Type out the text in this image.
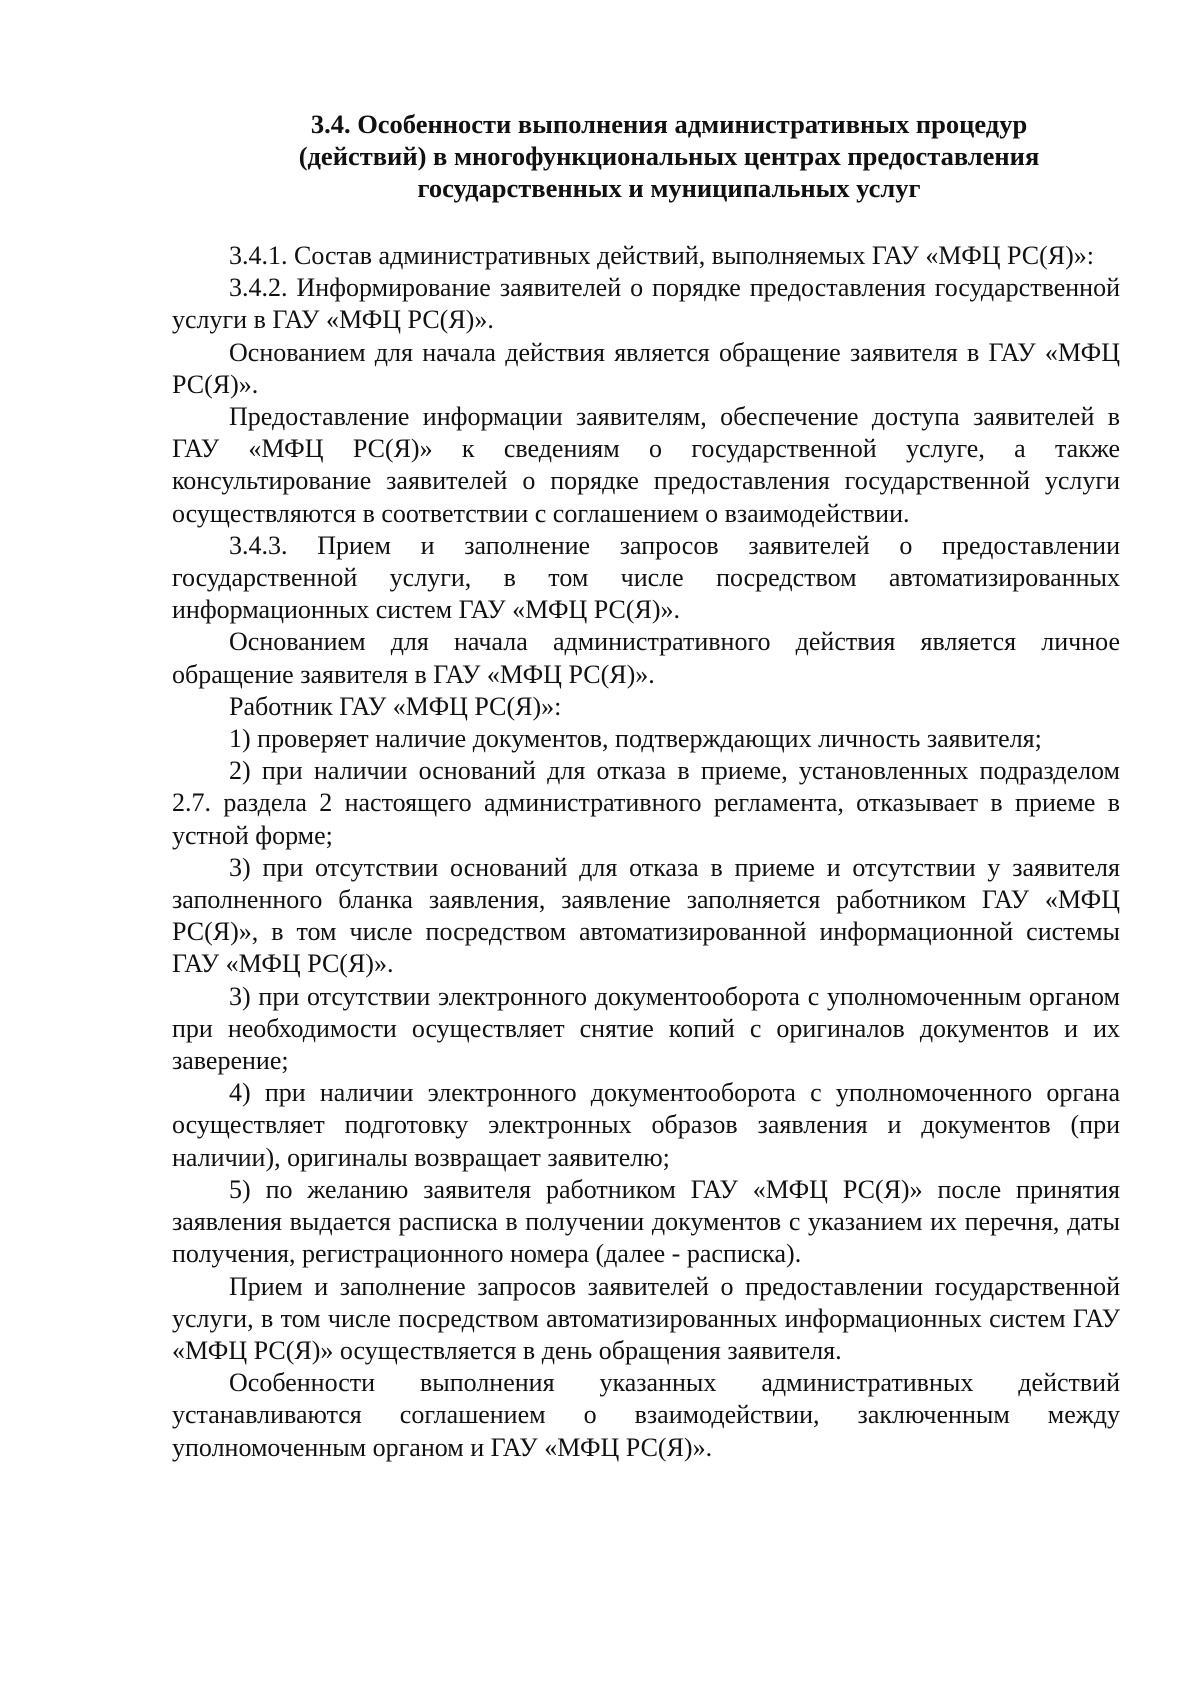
3.4. Особенности выполнения административных процедур
(действий) в многофункциональных центрах предоставления
государственных и муниципальных услуг

3.4.1. Состав административных действий, выполняемых ГАУ «МФЦ РС(Я)»:

3.4.2. Информирование заявителей о порядке предоставления государственной услуги в ГАУ «МФЦ РС(Я)».

Основанием для начала действия является обращение заявителя в ГАУ «МФЦ РС(Я)».

Предоставление информации заявителям, обеспечение доступа заявителей в ГАУ «МФЦ РС(Я)» к сведениям о государственной услуге, а также консультирование заявителей о порядке предоставления государственной услуги осуществляются в соответствии с соглашением о взаимодействии.

3.4.3. Прием и заполнение запросов заявителей о предоставлении государственной услуги, в том числе посредством автоматизированных информационных систем ГАУ «МФЦ РС(Я)».

Основанием для начала административного действия является личное обращение заявителя в ГАУ «МФЦ РС(Я)».

Работник ГАУ «МФЦ РС(Я)»:

1) проверяет наличие документов, подтверждающих личность заявителя;

2) при наличии оснований для отказа в приеме, установленных подразделом 2.7. раздела 2 настоящего административного регламента, отказывает в приеме в устной форме;

3) при отсутствии оснований для отказа в приеме и отсутствии у заявителя заполненного бланка заявления, заявление заполняется работником ГАУ «МФЦ РС(Я)», в том числе посредством автоматизированной информационной системы ГАУ «МФЦ РС(Я)».

3) при отсутствии электронного документооборота с уполномоченным органом при необходимости осуществляет снятие копий с оригиналов документов и их заверение;

4) при наличии электронного документооборота с уполномоченного органа осуществляет подготовку электронных образов заявления и документов (при наличии), оригиналы возвращает заявителю;

5) по желанию заявителя работником ГАУ «МФЦ РС(Я)» после принятия заявления выдается расписка в получении документов с указанием их перечня, даты получения, регистрационного номера (далее - расписка).

Прием и заполнение запросов заявителей о предоставлении государственной услуги, в том числе посредством автоматизированных информационных систем ГАУ «МФЦ РС(Я)» осуществляется в день обращения заявителя.

Особенности выполнения указанных административных действий устанавливаются соглашением о взаимодействии, заключенным между уполномоченным органом и ГАУ «МФЦ РС(Я)».
